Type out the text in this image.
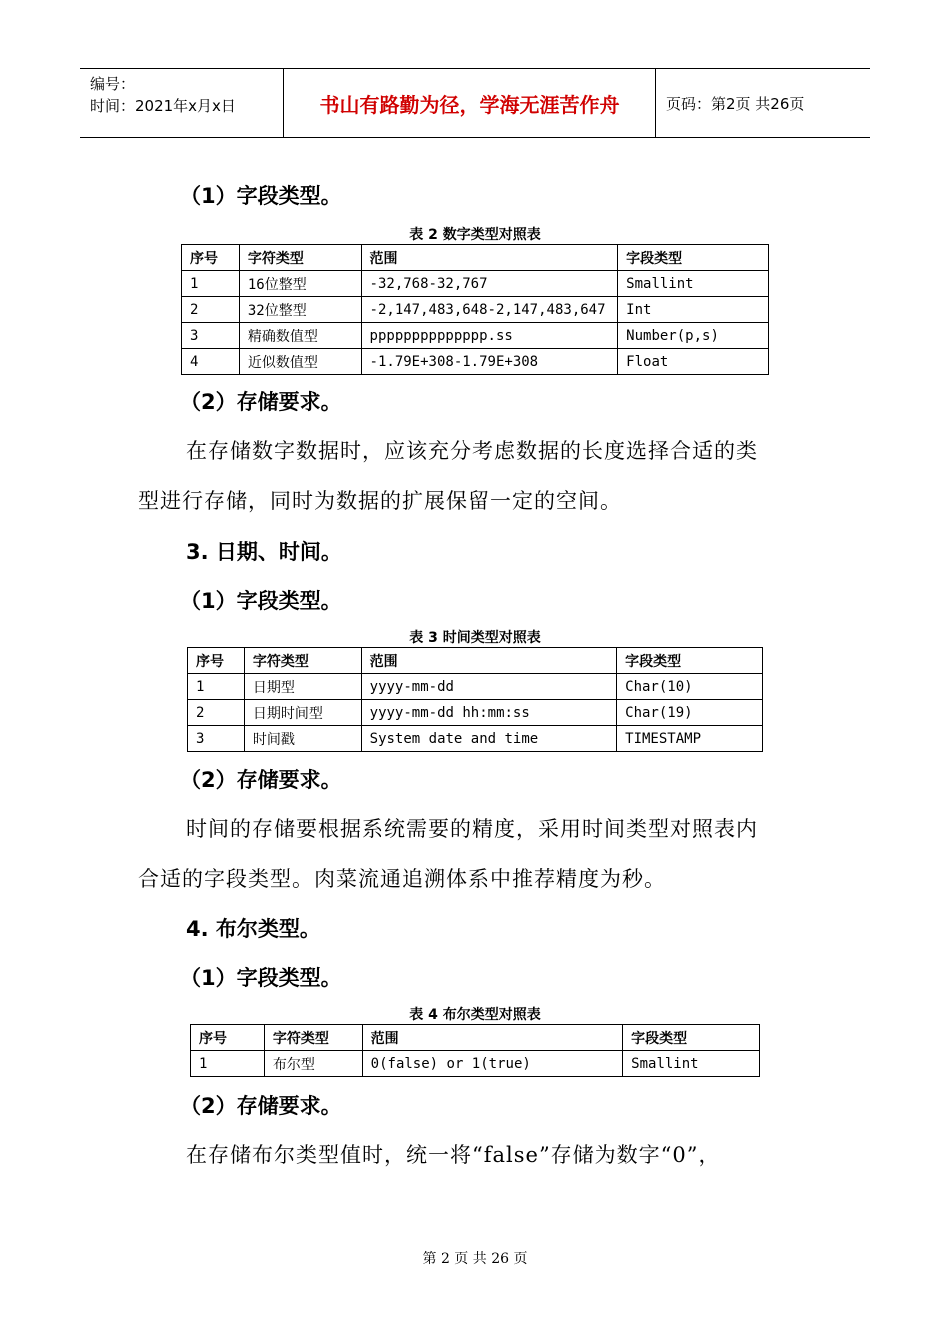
编号：
时间：2021年x月x日	书山有路勤为径，学海无涯苦作舟	页码：第2页 共26页
（1）字段类型。
表 2 数字类型对照表
序号	字符类型	范围	字段类型
1	16位整型	-32,768-32,767	Smallint
2	32位整型	-2,147,483,648-2,147,483,647	Int
3	精确数值型	pppppppppppppp.ss	Number(p,s)
4	近似数值型	-1.79E+308-1.79E+308	Float
（2）存储要求。
在存储数字数据时，应该充分考虑数据的长度选择合适的类
型进行存储，同时为数据的扩展保留一定的空间。
3. 日期、时间。
（1）字段类型。
表 3 时间类型对照表
序号	字符类型	范围	字段类型
1	日期型	yyyy-mm-dd	Char(10)
2	日期时间型	yyyy-mm-dd hh:mm:ss	Char(19)
3	时间戳	System date and time	TIMESTAMP
（2）存储要求。
时间的存储要根据系统需要的精度，采用时间类型对照表内
合适的字段类型。肉菜流通追溯体系中推荐精度为秒。
4. 布尔类型。
（1）字段类型。
表 4 布尔类型对照表
序号	字符类型	范围	字段类型
1	布尔型	0(false) or 1(true)	Smallint
（2）存储要求。
在存储布尔类型值时，统一将“false”存储为数字“0”，
第 2 页 共 26 页
